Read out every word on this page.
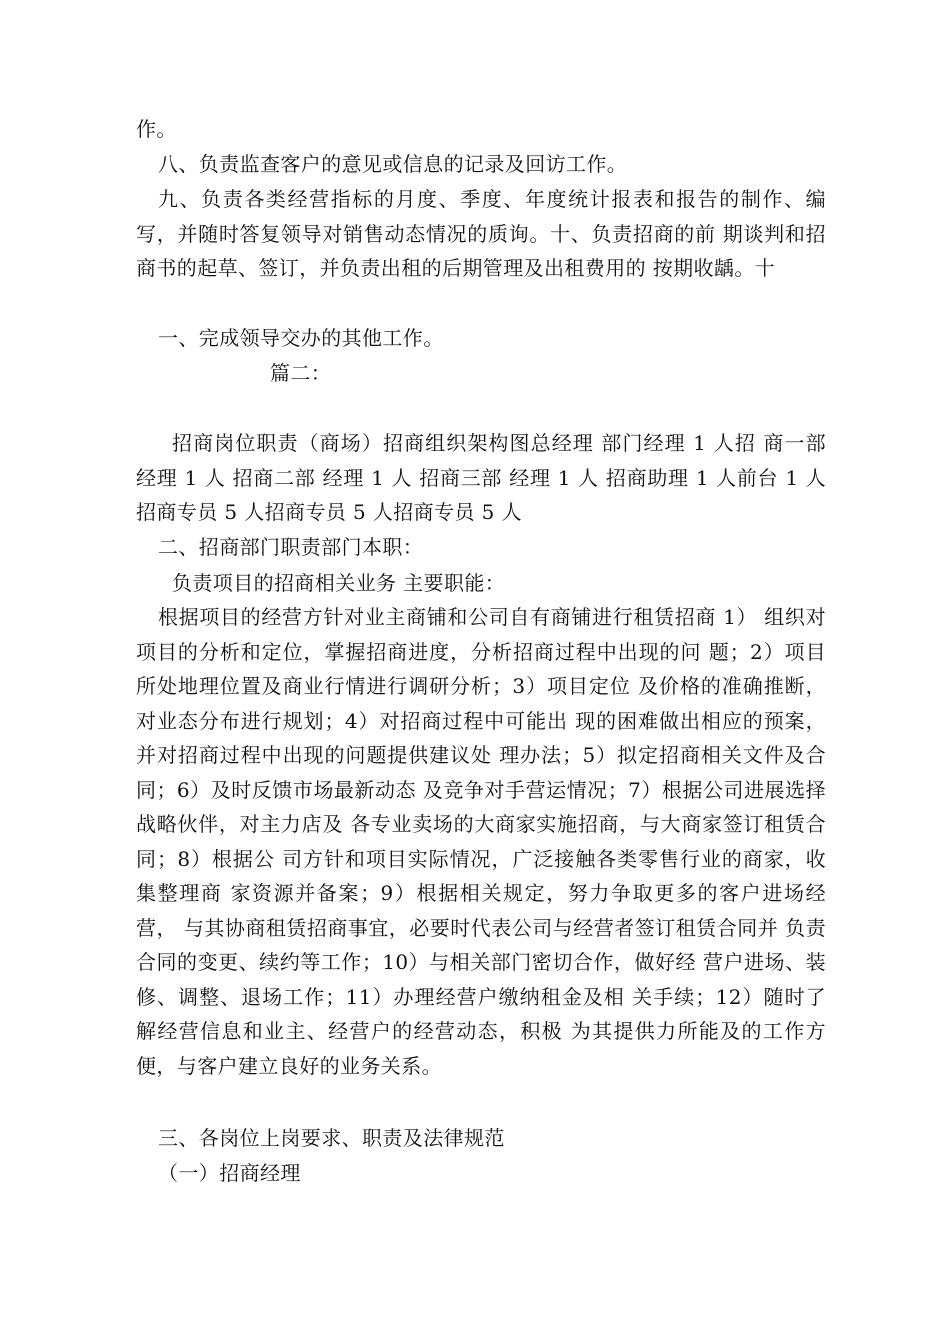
作。

八、负责监查客户的意见或信息的记录及回访工作。

九、负责各类经营指标的月度、季度、年度统计报表和报告的制作、编写，并随时答复领导对销售动态情况的质询。十、负责招商的前 期谈判和招商书的起草、签订，并负责出租的后期管理及出租费用的 按期收龋。十

一、完成领导交办的其他工作。

篇二：

招商岗位职责（商场）招商组织架构图总经理 部门经理 1 人招 商一部 经理 1 人 招商二部 经理 1 人 招商三部 经理 1 人 招商助理 1 人前台 1 人招商专员 5 人招商专员 5 人招商专员 5 人

二、招商部门职责部门本职：

负责项目的招商相关业务 主要职能：

根据项目的经营方针对业主商铺和公司自有商铺进行租赁招商 1） 组织对项目的分析和定位，掌握招商进度，分析招商过程中出现的问 题；2）项目所处地理位置及商业行情进行调研分析；3）项目定位 及价格的准确推断，对业态分布进行规划；4）对招商过程中可能出 现的困难做出相应的预案，并对招商过程中出现的问题提供建议处 理办法；5）拟定招商相关文件及合同；6）及时反馈市场最新动态 及竞争对手营运情况；7）根据公司进展选择战略伙伴，对主力店及 各专业卖场的大商家实施招商，与大商家签订租赁合同；8）根据公 司方针和项目实际情况，广泛接触各类零售行业的商家，收集整理商 家资源并备案；9）根据相关规定，努力争取更多的客户进场经营， 与其协商租赁招商事宜，必要时代表公司与经营者签订租赁合同并 负责合同的变更、续约等工作；10）与相关部门密切合作，做好经 营户进场、装修、调整、退场工作；11）办理经营户缴纳租金及相 关手续；12）随时了解经营信息和业主、经营户的经营动态，积极 为其提供力所能及的工作方便，与客户建立良好的业务关系。

三、各岗位上岗要求、职责及法律规范

（一）招商经理
